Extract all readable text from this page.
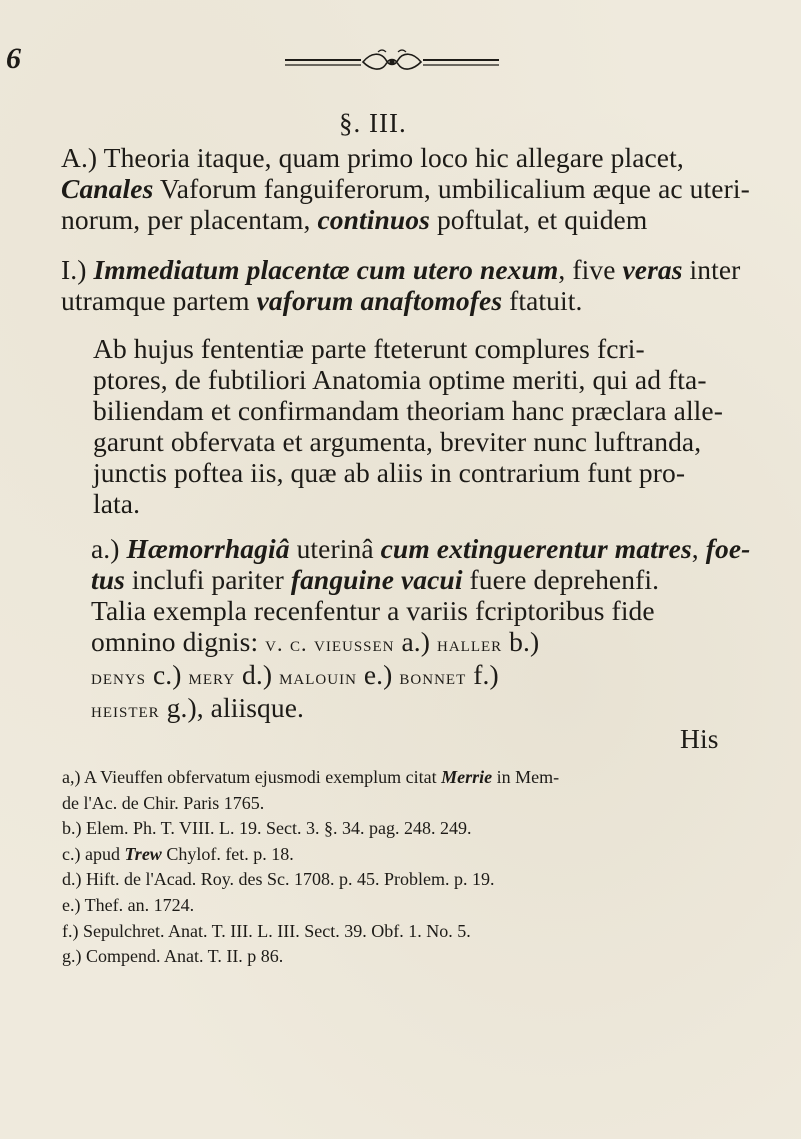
6
§. III.
A.) Theoria itaque, quam primo loco hic allegare placet,
Canales Vaforum fanguiferorum, umbilicalium æque ac uteri-
norum, per placentam, continuos poftulat, et quidem
I.) Immediatum placentæ cum utero nexum, five veras inter
utramque partem vaforum anaftomofes ftatuit.
Ab hujus fententiæ parte fteterunt complures fcri-
ptores, de fubtiliori Anatomia optime meriti, qui ad fta-
biliendam et confirmandam theoriam hanc præclara alle-
garunt obfervata et argumenta, breviter nunc luftranda,
junctis poftea iis, quæ ab aliis in contrarium funt pro-
lata.
a.) Hæmorrhagiâ uterinâ cum extinguerentur matres, foe-
tus inclufi pariter fanguine vacui fuere deprehenfi.
Talia exempla recenfentur a variis fcriptoribus fide
omnino dignis: v. c. vieussen a.) haller b.)
denys c.) mery d.) malouin e.) bonnet f.)
heister g.), aliisque.
His
a,) A Vieuffen obfervatum ejusmodi exemplum citat Merrie in Mem-
de l'Ac. de Chir. Paris 1765.
b.) Elem. Ph. T. VIII. L. 19. Sect. 3. §. 34. pag. 248. 249.
c.) apud Trew Chylof. fet. p. 18.
d.) Hift. de l'Acad. Roy. des Sc. 1708. p. 45. Problem. p. 19.
e.) Thef. an. 1724.
f.) Sepulchret. Anat. T. III. L. III. Sect. 39. Obf. 1. No. 5.
g.) Compend. Anat. T. II. p 86.
